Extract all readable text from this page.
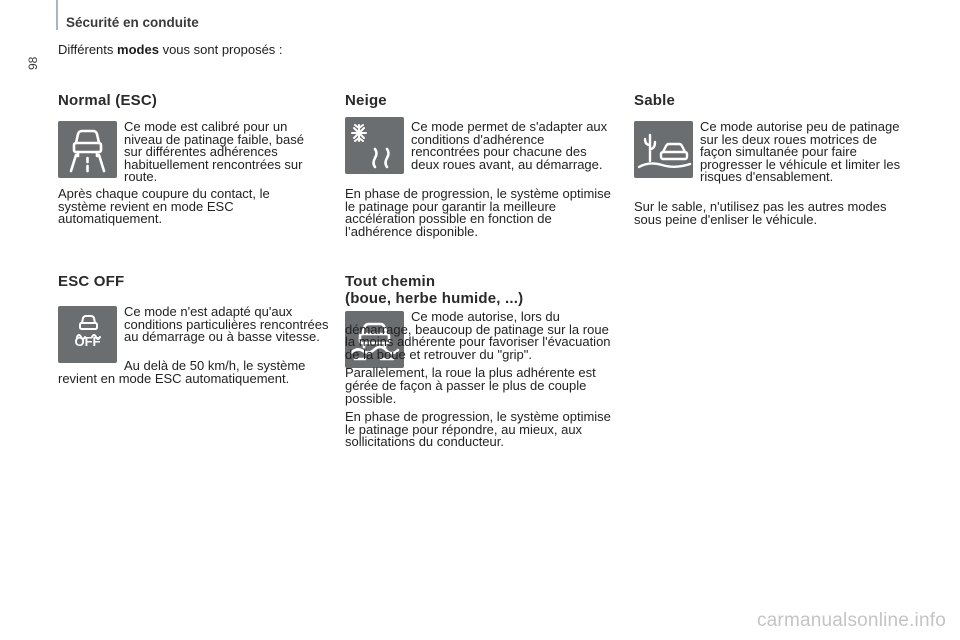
Sécurité en conduite
98
Différents modes vous sont proposés :
Normal (ESC)
Ce mode est calibré pour un niveau de patinage faible, basé sur différentes adhérences habituellement rencontrées sur route.
Après chaque coupure du contact, le système revient en mode ESC automatiquement.
ESC OFF
OFF
Ce mode n'est adapté qu'aux conditions particulières rencontrées au démarrage ou à basse vitesse.
Au delà de 50 km/h, le système revient en mode ESC automatiquement.
Neige
Ce mode permet de s'adapter aux conditions d'adhérence rencontrées pour chacune des deux roues avant, au démarrage.
En phase de progression, le système optimise le patinage pour garantir la meilleure accélération possible en fonction de l’adhérence disponible.
Tout chemin
(boue, herbe humide, ...)

Ce mode autorise, lors du démarrage, beaucoup de patinage sur la roue la moins adhérente pour favoriser l'évacuation de la boue et retrouver du "grip".

Parallèlement, la roue la plus adhérente est gérée de façon à passer le plus de couple possible.

En phase de progression, le système optimise le patinage pour répondre, au mieux, aux sollicitations du conducteur.

Sable
Ce mode autorise peu de patinage sur les deux roues motrices de façon simultanée pour faire progresser le véhicule et limiter les risques d'ensablement.
Sur le sable, n'utilisez pas les autres modes sous peine d'enliser le véhicule.
carmanualsonline.info
